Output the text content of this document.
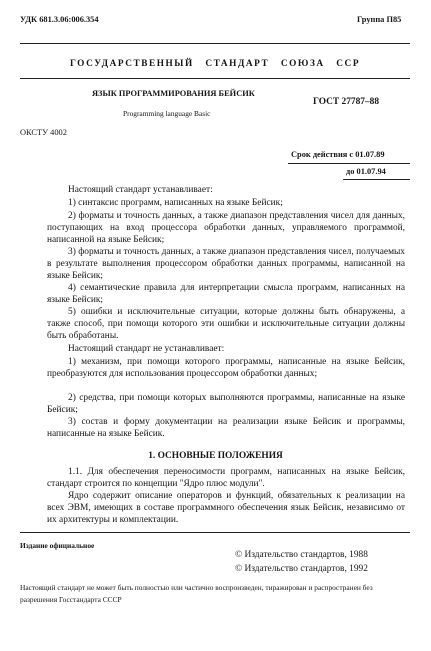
УДК 681.3.06:006.354	Группа П85
ГОСУДАРСТВЕННЫЙ   СТАНДАРТ   СОЮЗА   ССР
ЯЗЫК ПРОГРАММИРОВАНИЯ БЕЙСИК
ГОСТ 27787–88
Programming language Basic
ОКСТУ 4002
Срок действия с 01.07.89
до 01.07.94
Настоящий стандарт устанавливает:
1) синтаксис программ, написанных на языке Бейсик;
2) форматы и точность данных, а также диапазон представления чисел для данных, поступающих на вход процессора обработки данных, управляемого программой, написанной на языке Бейсик;
3) форматы и точность данных, а также диапазон представления чисел, получаемых в результате выполнения процессором обработки данных программы, написанной на языке Бейсик;
4) семантические правила для интерпретации смысла программ, написанных на языке Бейсик;
5) ошибки и исключительные ситуации, которые должны быть обнаружены, а также способ, при помощи которого эти ошибки и исключительные ситуации должны быть обработаны.
Настоящий стандарт не устанавливает:
1) механизм, при помощи которого программы, написанные на языке Бейсик, преобразуются для использования процессором обработки данных;
2) средства, при помощи которых выполняются программы, написанные на языке Бейсик;
3) состав и форму документации на реализации языке Бейсик и программы, написанные на языке Бейсик.
1. ОСНОВНЫЕ ПОЛОЖЕНИЯ
1.1. Для обеспечения переносимости программ, написанных на языке Бейсик, стандарт строится по концепции "Ядро плюс модули".
Ядро содержит описание операторов и функций, обязательных к реализации на всех ЭВМ, имеющих в составе программного обеспечения язык Бейсик, независимо от их архитектуры и комплектации.
Издание официальное
© Издательство стандартов, 1988
© Издательство стандартов, 1992
Настоящий стандарт не может быть полностью или частично воспроизведен, тиражирован и распространен без разрешения Госстандарта СССР
